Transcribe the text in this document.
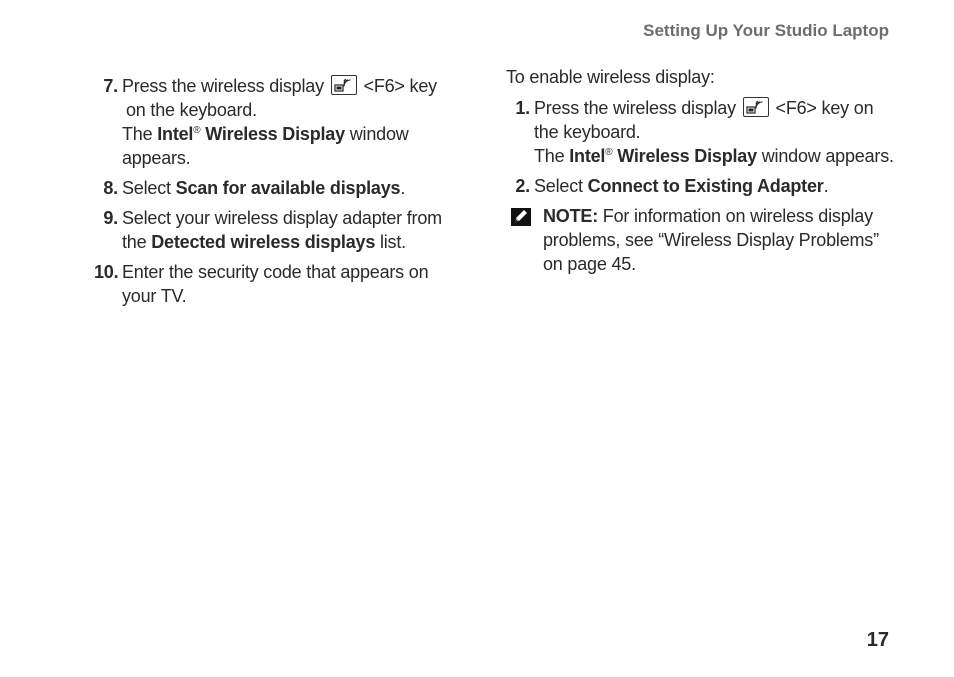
Setting Up Your Studio Laptop
7. Press the wireless display <F6> key
on the keyboard.
The Intel® Wireless Display window
appears.
8. Select Scan for available displays.
9. Select your wireless display adapter from the Detected wireless displays list.
10. Enter the security code that appears on your TV.
To enable wireless display:
1. Press the wireless display <F6> key on the keyboard.
The Intel® Wireless Display window appears.
2. Select Connect to Existing Adapter.
NOTE: For information on wireless display problems, see “Wireless Display Problems” on page 45.
17
